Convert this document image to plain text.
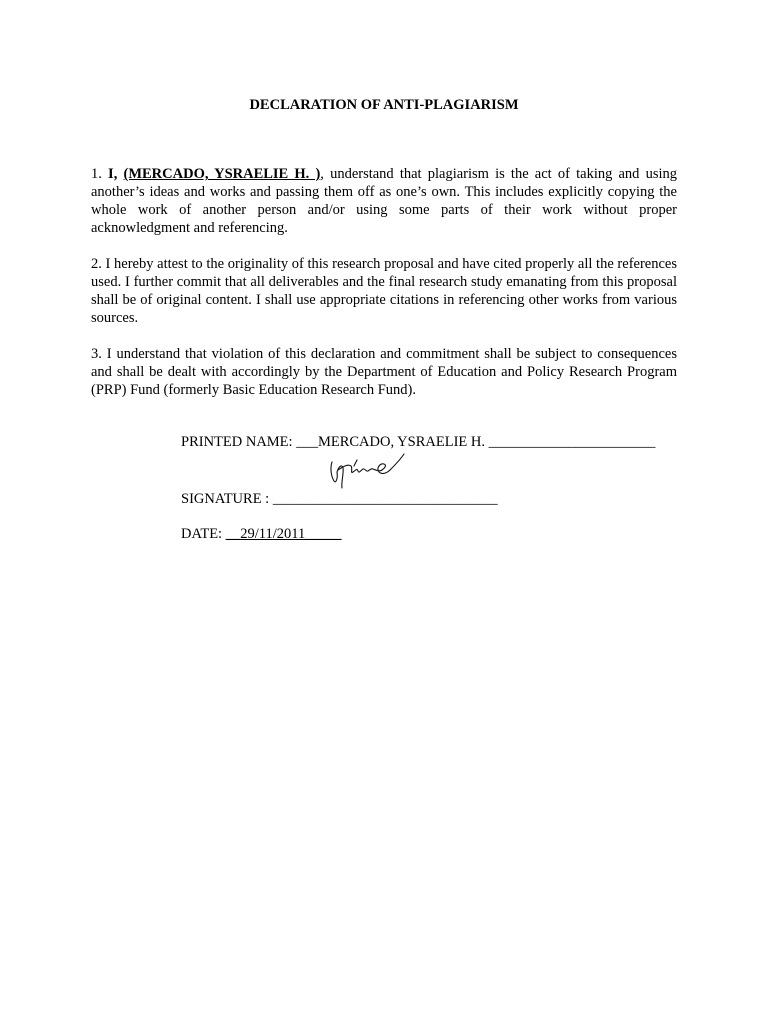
DECLARATION OF ANTI-PLAGIARISM

1. I, (MERCADO, YSRAELIE H. ), understand that plagiarism is the act of taking and using another’s ideas and works and passing them off as one’s own. This includes explicitly copying the whole work of another person and/or using some parts of their work without proper acknowledgment and referencing.

2. I hereby attest to the originality of this research proposal and have cited properly all the references used. I further commit that all deliverables and the final research study emanating from this proposal shall be of original content. I shall use appropriate citations in referencing other works from various sources.

3. I understand that violation of this declaration and commitment shall be subject to consequences and shall be dealt with accordingly by the Department of Education and Policy Research Program (PRP) Fund (formerly Basic Education Research Fund).

PRINTED NAME: ___MERCADO, YSRAELIE H. _______________________
SIGNATURE : _______________________________
DATE: __29/11/2011_____
